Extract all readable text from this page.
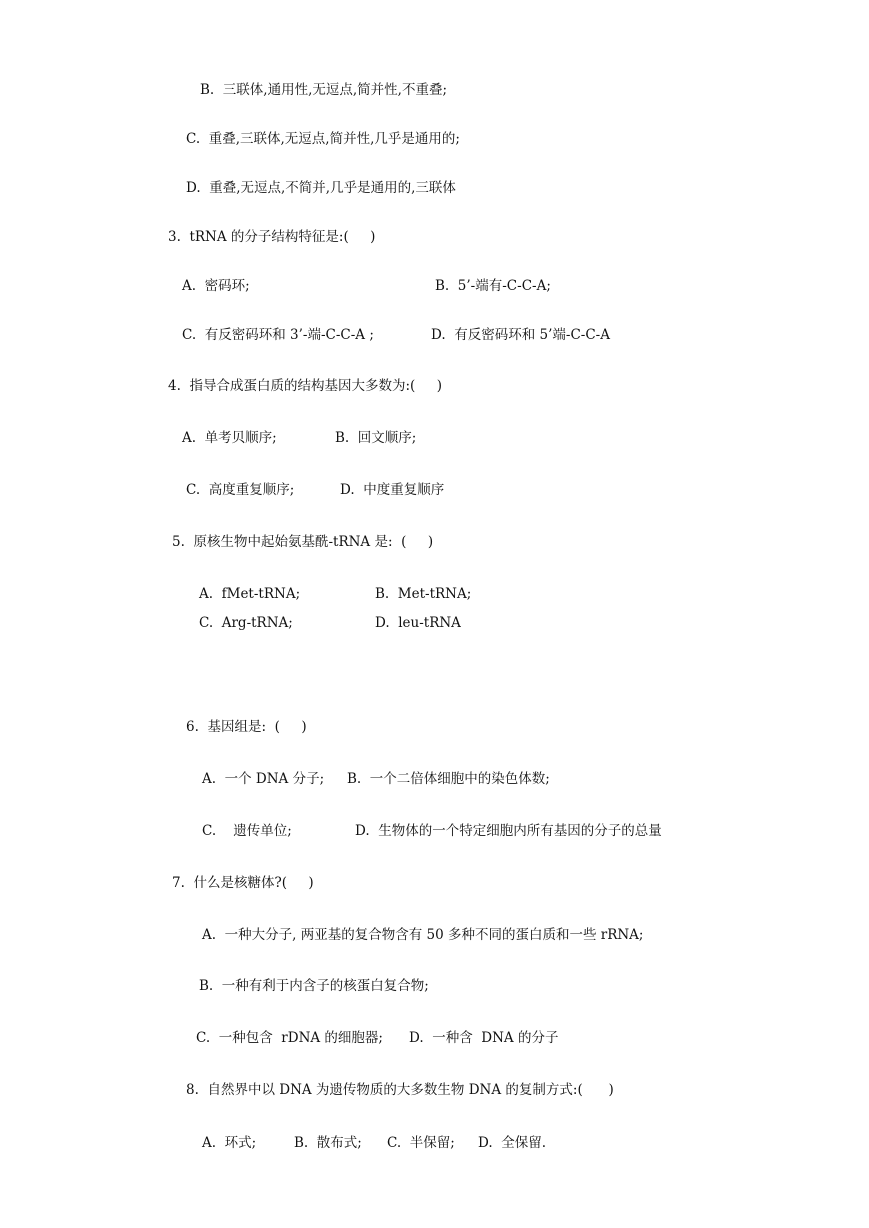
B.  三联体,通用性,无逗点,简并性,不重叠;

C.  重叠,三联体,无逗点,简并性,几乎是通用的;

D.  重叠,无逗点,不简并,几乎是通用的,三联体

3.  tRNA 的分子结构特征是:(     )

A.  密码环;	B.  5’-端有-C-C-A;

C.  有反密码环和 3’-端-C-C-A ;	D.  有反密码环和 5’端-C-C-A

4.  指导合成蛋白质的结构基因大多数为:(     )

A.  单考贝顺序;	B.  回文顺序;

C.  高度重复顺序;	D.  中度重复顺序

5.  原核生物中起始氨基酰-tRNA 是:  (     )

A.  fMet-tRNA;	B.  Met-tRNA;

C.  Arg-tRNA;	D.  leu-tRNA

6.  基因组是:  (     )

A.  一个 DNA 分子; B.  一个二倍体细胞中的染色体数;

C.    遗传单位;	D.  生物体的一个特定细胞内所有基因的分子的总量

7.  什么是核糖体?(     )

A.  一种大分子, 两亚基的复合物含有 50 多种不同的蛋白质和一些 rRNA;

B.  一种有利于内含子的核蛋白复合物;

C.  一种包含  rDNA 的细胞器; D.  一种含  DNA 的分子

8.  自然界中以 DNA 为遗传物质的大多数生物 DNA 的复制方式:(      )

A.  环式;	B.  散布式; C.  半保留; D.  全保留.
